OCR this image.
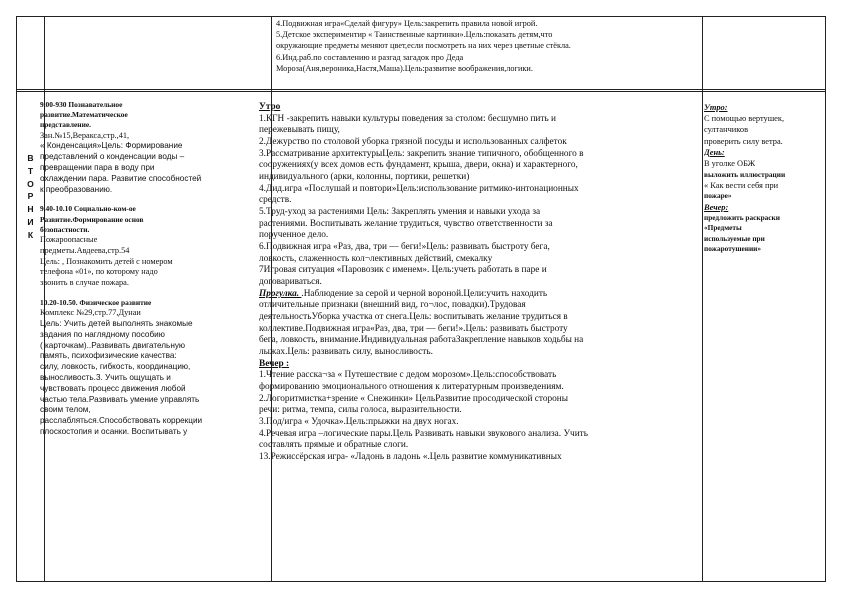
4.Подвижная игра«Сделай фигуру» Цель:закрепить правила новой игрой.

5.Детское экспериментир « Таинственные картинки».Цель:показать детям,что

окружающие предметы меняют цвет,если посмотреть на них через цветные стёкла.

6.Инд.раб.по составлению и разгад загадок про Деда

Мороза(Аня,вероника,Настя,Маша).Цель:развитие воображения,логики.

В
Т
О
Р
Н
И
К

9.00-930 Познавательное

развитие.Математическое

представление.

Зан.№15,Веракса,стр.,41,

« Конденсация»Цель: Формирование

представлений о конденсации воды –

превращении пара в воду при

охлаждении пара. Развитие способностей

к преобразованию.

9.40-10.10 Социально-ком-ое

Развитие.Формирование основ

безопастности.

Пожароопасные

предметы.Авдеева,стр.54

Цель: , Познакомить детей с номером

телефона «01», по которому надо

звонить в случае пожара.

10.20-10.50. Физическое развитие

Комплекс №29,стр.77,Дунаи

Цель: Учить детей выполнять знакомые

задания по наглядному пособию

( карточкам)..Развивать двигательную

память, психофизические качества:

силу, ловкость, гибкость, координацию,

выносливость.3. Учить ощущать и

чувствовать процесс движения любой

частью тела.Развивать умение управлять

своим телом,

расслабляться.Способствовать коррекции

плоскостопия и осанки. Воспитывать у

Утро

1.КГН -закрепить навыки культуры поведения за столом: бесшумно пить и

пережевывать пищу,

2.Дежурство по столовой уборка грязной посуды и использованных салфеток

3.Рассматривание архитектурыЦель: закрепить знание типичного, обобщенного в

сооружениях(у всех домов есть фундамент, крыша, двери, окна) и характерного,

индивидуального (арки, колонны, портики, решетки)

4.Дид.игра «Послушай и повтори»Цель:использование ритмико-интонационных

средств.

5.Труд-уход за растениями Цель: Закреплять умения и навыки ухода за

растениями. Воспитывать желание трудиться, чувство ответственности за

порученное дело.

6.Подвижная игра «Раз, два, три — беги!»Цель: развивать быстроту бега,

ловкость, слаженность кол¬лективных действий, смекалку

7Игровая ситуация «Паровозик с именем». Цель:учеть работать в паре и

договариваться.

Прогулка. .Наблюдение за серой и черной вороной.Цели:учить находить

отличительные признаки (внешний вид, го¬лос, повадки).Трудовая

деятельностьУборка участка от снега.Цель: воспитывать желание трудиться в

коллективе.Подвижная игра«Раз, два, три — беги!».Цель: развивать быстроту

бега, ловкость, внимание.Индивидуальная работаЗакрепление навыков ходьбы на

лыжах.Цель: развивать силу, выносливость.

Вечер :

1.Чтение расска¬за « Путешествие с дедом морозом».Цель:способствовать

формированию эмоционального отношения к литературным произведениям.

2.Логоритмистка+зрение « Снежинки» ЦельРазвитие просодической стороны

речи: ритма, темпа, силы голоса, выразительности.

3.Под/игра « Удочка».Цель:прыжки на двух ногах.

4.Речевая игра –логические пары.Цель Развивать навыки звукового анализа. Учить

составлять прямые и обратные слоги.

13.Режиссёрская игра- «Ладонь в ладонь «.Цель развитие коммуникативных

Утро:

С помощью вертушек,

султанчиков

проверить силу ветра.

День:

В уголке ОБЖ

выложить иллюстрации

« Как вести себя при

пожаре»

Вечер:

предложить раскраски

«Предметы

используемые при

пожаротушении»
